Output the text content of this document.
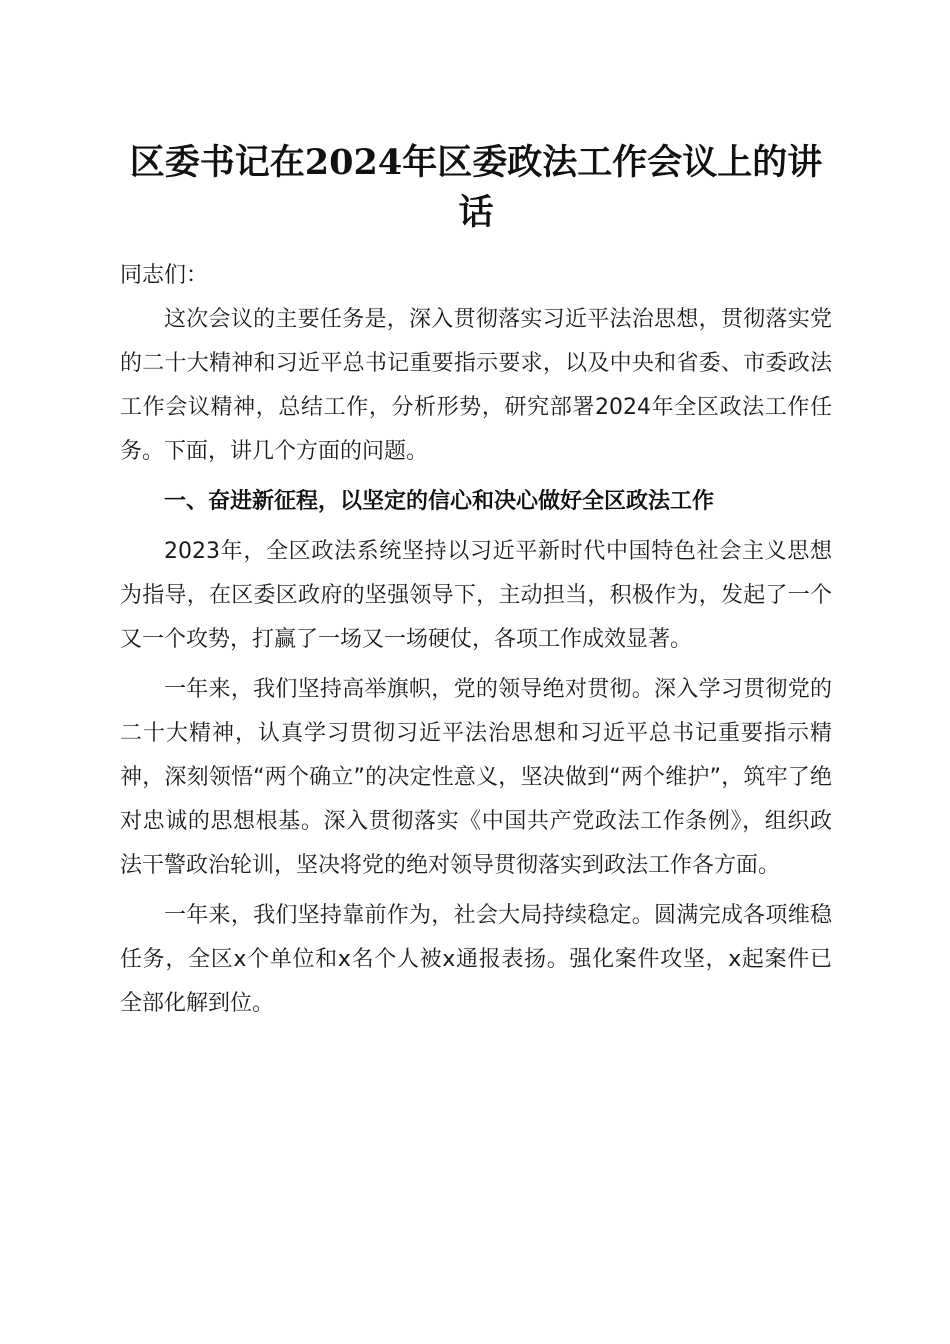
区委书记在2024年区委政法工作会议上的讲话

同志们：

这次会议的主要任务是，深入贯彻落实习近平法治思想，贯彻落实党的二十大精神和习近平总书记重要指示要求，以及中央和省委、市委政法工作会议精神，总结工作，分析形势，研究部署2024年全区政法工作任务。下面，讲几个方面的问题。

一、奋进新征程，以坚定的信心和决心做好全区政法工作

2023年，全区政法系统坚持以习近平新时代中国特色社会主义思想为指导，在区委区政府的坚强领导下，主动担当，积极作为，发起了一个又一个攻势，打赢了一场又一场硬仗，各项工作成效显著。

一年来，我们坚持高举旗帜，党的领导绝对贯彻。深入学习贯彻党的二十大精神，认真学习贯彻习近平法治思想和习近平总书记重要指示精神，深刻领悟“两个确立”的决定性意义，坚决做到“两个维护”，筑牢了绝对忠诚的思想根基。深入贯彻落实《中国共产党政法工作条例》，组织政法干警政治轮训，坚决将党的绝对领导贯彻落实到政法工作各方面。

一年来，我们坚持靠前作为，社会大局持续稳定。圆满完成各项维稳任务，全区x个单位和x名个人被x通报表扬。强化案件攻坚，x起案件已全部化解到位。
